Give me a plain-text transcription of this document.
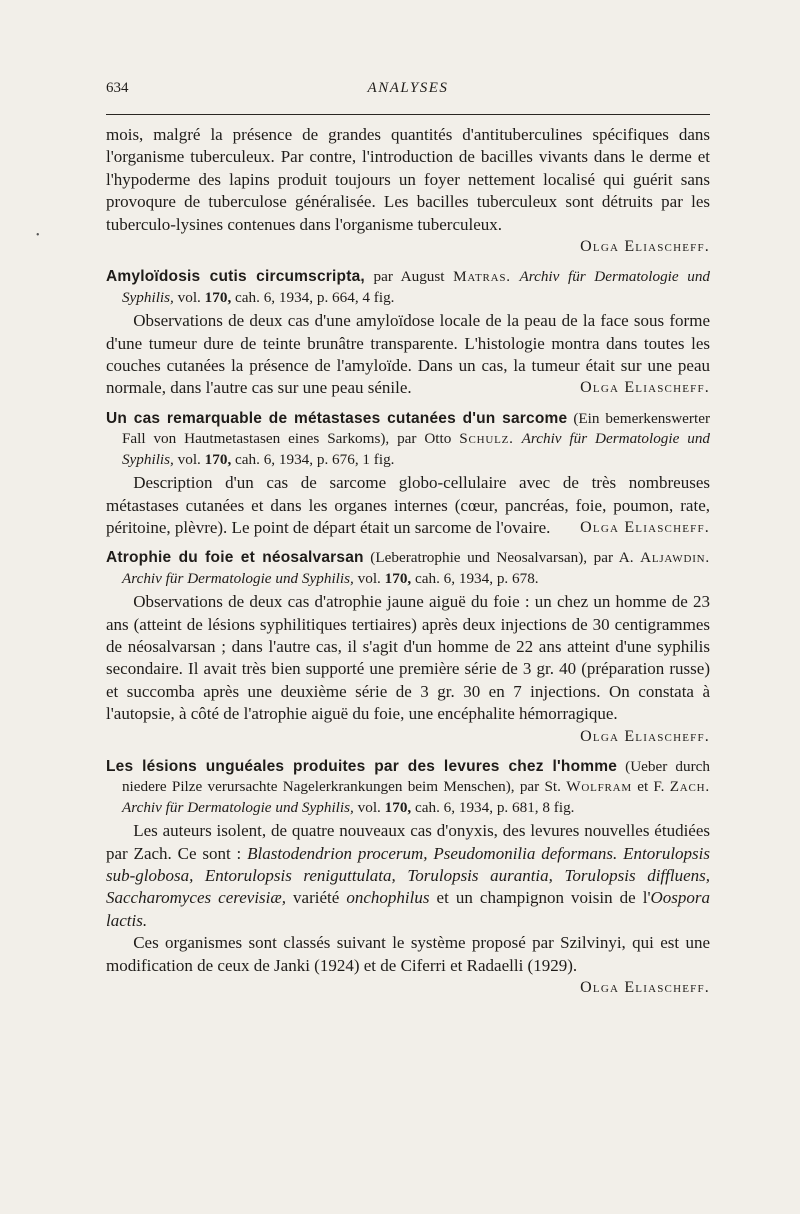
634	ANALYSES
•

mois, malgré la présence de grandes quantités d'antituberculines spécifiques dans l'organisme tuberculeux. Par contre, l'introduction de bacilles vivants dans le derme et l'hypoderme des lapins produit toujours un foyer nettement localisé qui guérit sans provoqure de tuberculose généralisée. Les bacilles tuberculeux sont détruits par les tuberculo-lysines contenues dans l'organisme tuberculeux.

Olga Eliascheff.
Amyloïdosis cutis circumscripta, par August Matras. Archiv für Dermatologie und Syphilis, vol. 170, cah. 6, 1934, p. 664, 4 fig.

Observations de deux cas d'une amyloïdose locale de la peau de la face sous forme d'une tumeur dure de teinte brunâtre transparente. L'histologie montra dans toutes les couches cutanées la présence de l'amyloïde. Dans un cas, la tumeur était sur une peau normale, dans l'autre cas sur une peau sénile.	Olga Eliascheff.

Un cas remarquable de métastases cutanées d'un sarcome (Ein bemerkenswerter Fall von Hautmetastasen eines Sarkoms), par Otto Schulz. Archiv für Dermatologie und Syphilis, vol. 170, cah. 6, 1934, p. 676, 1 fig.

Description d'un cas de sarcome globo-cellulaire avec de très nombreuses métastases cutanées et dans les organes internes (cœur, pancréas, foie, poumon, rate, péritoine, plèvre). Le point de départ était un sarcome de l'ovaire.	Olga Eliascheff.

Atrophie du foie et néosalvarsan (Leberatrophie und Neosalvarsan), par A. Aljawdin. Archiv für Dermatologie und Syphilis, vol. 170, cah. 6, 1934, p. 678.

Observations de deux cas d'atrophie jaune aiguë du foie : un chez un homme de 23 ans (atteint de lésions syphilitiques tertiaires) après deux injections de 30 centigrammes de néosalvarsan ; dans l'autre cas, il s'agit d'un homme de 22 ans atteint d'une syphilis secondaire. Il avait très bien supporté une première série de 3 gr. 40 (préparation russe) et succomba après une deuxième série de 3 gr. 30 en 7 injections. On constata à l'autopsie, à côté de l'atrophie aiguë du foie, une encéphalite hémorragique.
Olga Eliascheff.

Les lésions unguéales produites par des levures chez l'homme (Ueber durch niedere Pilze verursachte Nagelerkrankungen beim Menschen), par St. Wolfram et F. Zach. Archiv für Dermatologie und Syphilis, vol. 170, cah. 6, 1934, p. 681, 8 fig.

Les auteurs isolent, de quatre nouveaux cas d'onyxis, des levures nouvelles étudiées par Zach. Ce sont : Blastodendrion procerum, Pseudomonilia deformans. Entorulopsis sub-globosa, Entorulopsis reniguttulata, Torulopsis aurantia, Torulopsis diffluens, Saccharomyces cerevisiæ, variété onchophilus et un champignon voisin de l'Oospora lactis.

Ces organismes sont classés suivant le système proposé par Szilvinyi, qui est une modification de ceux de Janki (1924) et de Ciferri et Radaelli (1929).
Olga Eliascheff.
